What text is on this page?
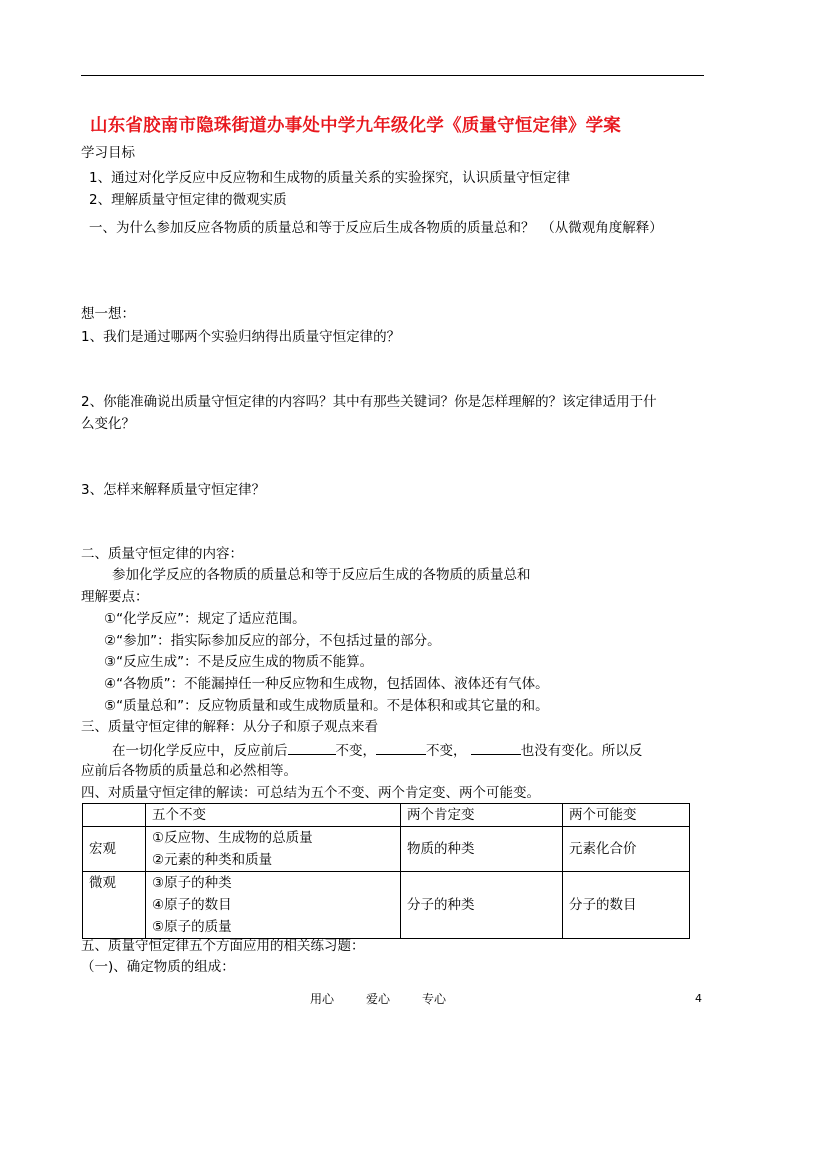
山东省胶南市隐珠街道办事处中学九年级化学《质量守恒定律》学案
学习目标
1、通过对化学反应中反应物和生成物的质量关系的实验探究，认识质量守恒定律
2、理解质量守恒定律的微观实质
一、为什么参加反应各物质的质量总和等于反应后生成各物质的质量总和？　（从微观角度解释）
想一想：
1、我们是通过哪两个实验归纳得出质量守恒定律的？
2、你能准确说出质量守恒定律的内容吗？其中有那些关键词？你是怎样理解的？该定律适用于什
么变化？
3、怎样来解释质量守恒定律？
二、质量守恒定律的内容：
参加化学反应的各物质的质量总和等于反应后生成的各物质的质量总和
理解要点：
①“化学反应”：规定了适应范围。
②“参加”：指实际参加反应的部分，不包括过量的部分。
③“反应生成”：不是反应生成的物质不能算。
④“各物质”：不能漏掉任一种反应物和生成物，包括固体、液体还有气体。
⑤“质量总和”：反应物质量和或生成物质量和。不是体积和或其它量的和。
三、质量守恒定律的解释：从分子和原子观点来看
在一切化学反应中，反应前后	不变，	不变，	也没有变化。所以反
应前后各物质的质量总和必然相等。
四、对质量守恒定律的解读：可总结为五个不变、两个肯定变、两个可能变。
	五个不变	两个肯定变	两个可能变
宏观	①反应物、生成物的总质量
②元素的种类和质量	物质的种类	元素化合价
微观	③原子的种类
④原子的数目
⑤原子的质量	分子的种类	分子的数目
五、质量守恒定律五个方面应用的相关练习题：
（一)、确定物质的组成：
用心	爱心	专心	4
